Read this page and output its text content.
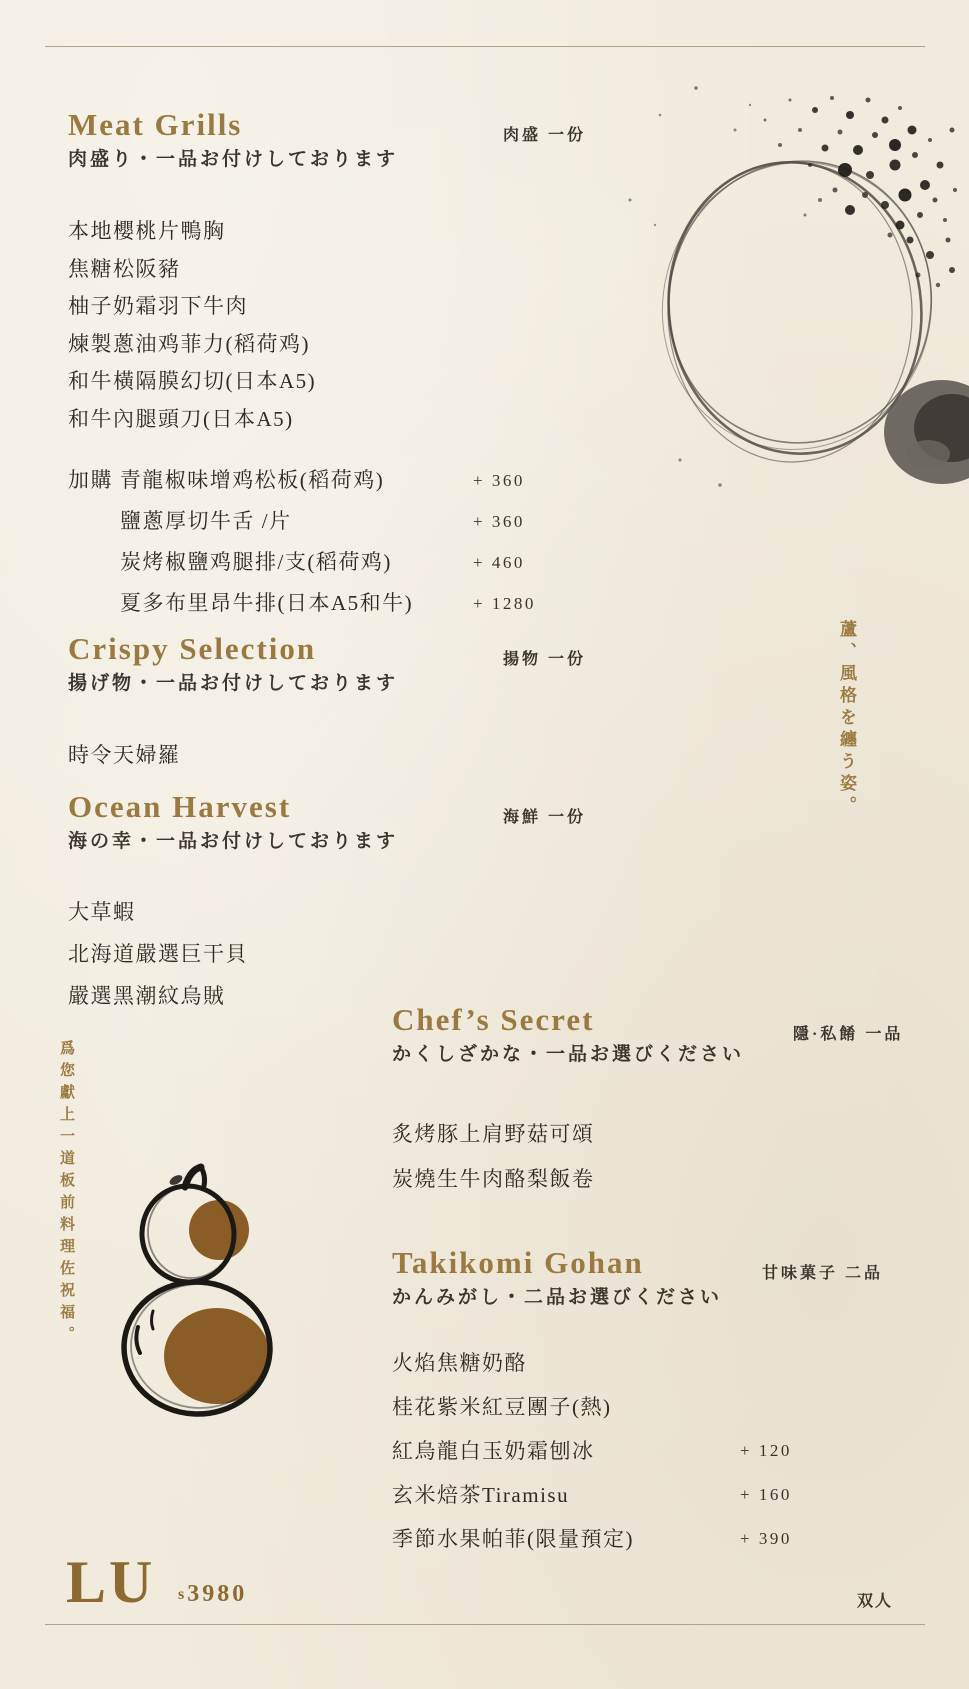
蘆、風格を纏う姿。
爲您獻上一道板前料理佐祝福。
Meat Grills	肉盛 一份

肉盛り・一品お付けしております

本地櫻桃片鴨胸
焦糖松阪豬
柚子奶霜羽下牛肉
煉製蔥油鸡菲力(稻荷鸡)
和牛橫隔膜幻切(日本A5)
和牛內腿頭刀(日本A5)
加購 青龍椒味增鸡松板(稻荷鸡)	+ 360
鹽蔥厚切牛舌 /片	+ 360
炭烤椒鹽鸡腿排/支(稻荷鸡)	+ 460
夏多布里昂牛排(日本A5和牛)	+ 1280
Crispy Selection	揚物 一份

揚げ物・一品お付けしております

時令天婦羅
Ocean Harvest	海鮮 一份

海の幸・一品お付けしております

大草蝦
北海道嚴選巨干貝
嚴選黑潮紋烏賊
Chef’s Secret	隱·私餚 一品

かくしざかな・一品お選びください

炙烤豚上肩野菇可頌
炭燒生牛肉酪梨飯卷
Takikomi Gohan	甘味菓子 二品

かんみがし・二品お選びください

火焰焦糖奶酪
桂花紫米紅豆團子(熱)
紅烏龍白玉奶霜刨冰	+ 120
玄米焙茶Tiramisu	+ 160
季節水果帕菲(限量預定)	+ 390
LU s3980	双人
